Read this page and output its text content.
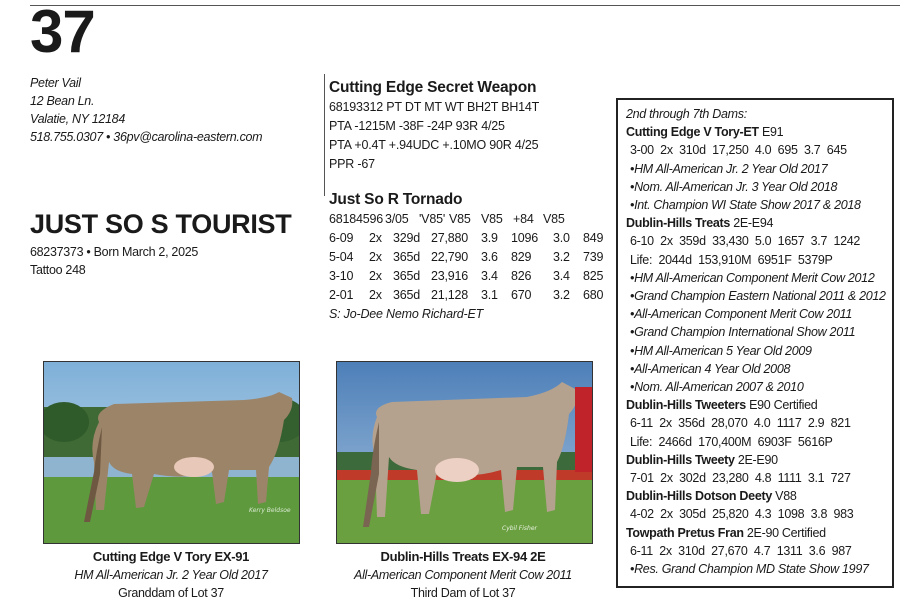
37
Peter Vail
12 Bean Ln.
Valatie, NY 12184
518.755.0307 • 36pv@carolina-eastern.com
JUST SO S TOURIST
68237373 • Born March 2, 2025
Tattoo 248
Cutting Edge Secret Weapon
68193312 PT DT MT WT BH2T BH14T
PTA -1215M -38F -24P 93R 4/25
PTA +0.4T +.94UDC +.10MO 90R 4/25
PPR -67
Just So R Tornado
68184596 3/05 'V85' V85 V85 +84 V85
6-09	2x 329d 27,880	3.9	1096	3.0	849
5-04	2x 365d 22,790	3.6	829	3.2	739
3-10	2x 365d 23,916	3.4	826	3.4	825
2-01	2x 365d 21,128	3.1	670	3.2	680
S: Jo-Dee Nemo Richard-ET
Kerry Beldsoe
Cybil Fisher
Cutting Edge V Tory EX-91
HM All-American Jr. 2 Year Old 2017
Granddam of Lot 37
Dublin-Hills Treats EX-94 2E
All-American Component Merit Cow 2011
Third Dam of Lot 37
2nd through 7th Dams:
Cutting Edge V Tory-ET E91
3-00  2x  310d  17,250  4.0  695  3.7  645
•HM All-American Jr. 2 Year Old 2017
•Nom. All-American Jr. 3 Year Old 2018
•Int. Champion WI State Show 2017 & 2018
Dublin-Hills Treats 2E-E94
6-10  2x  359d  33,430  5.0  1657  3.7  1242
Life:  2044d  153,910M  6951F  5379P
•HM All-American Component Merit Cow 2012
•Grand Champion Eastern National 2011 & 2012
•All-American Component Merit Cow 2011
•Grand Champion International Show 2011
•HM All-American 5 Year Old 2009
•All-American 4 Year Old 2008
•Nom. All-American 2007 & 2010
Dublin-Hills Tweeters E90 Certified
6-11  2x  356d  28,070  4.0  1117  2.9  821
Life:  2466d  170,400M  6903F  5616P
Dublin-Hills Tweety 2E-E90
7-01  2x  302d  23,280  4.8  1111  3.1  727
Dublin-Hills Dotson Deety V88
4-02  2x  305d  25,820  4.3  1098  3.8  983
Towpath Pretus Fran 2E-90 Certified
6-11  2x  310d  27,670  4.7  1311  3.6  987
•Res. Grand Champion MD State Show 1997
